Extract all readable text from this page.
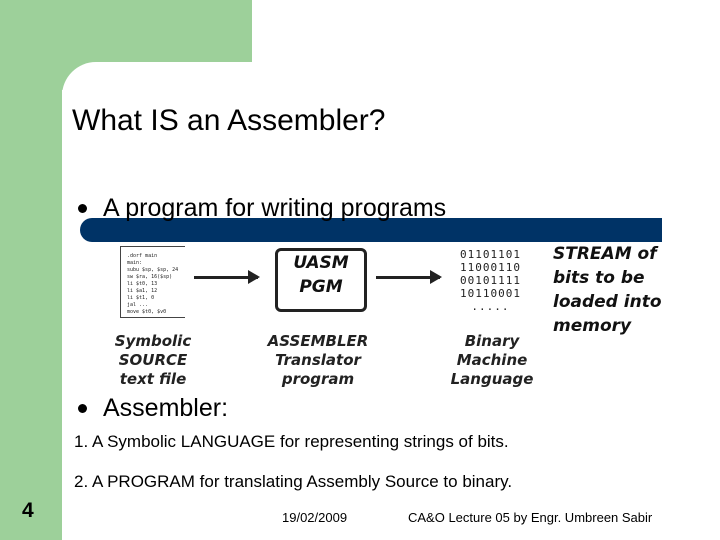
What IS an Assembler?
A program for writing programs
.dorf main
main:
subu $sp, $sp, 24
sw $ra, 16($sp)
li $t0, 13
li $a1, 12
li $t1, 0
jal ...
move $t0, $v0
UASM
PGM
01101101
11000110
00101111
10110001
.....
STREAM of
bits to be
loaded into memory
Symbolic
SOURCE
text file
ASSEMBLER
Translator
program
Binary
Machine
Language
Assembler:
1. A Symbolic LANGUAGE for representing strings of bits.
2. A PROGRAM for translating Assembly Source to binary.
4	19/02/2009	CA&O Lecture 05 by Engr. Umbreen Sabir
